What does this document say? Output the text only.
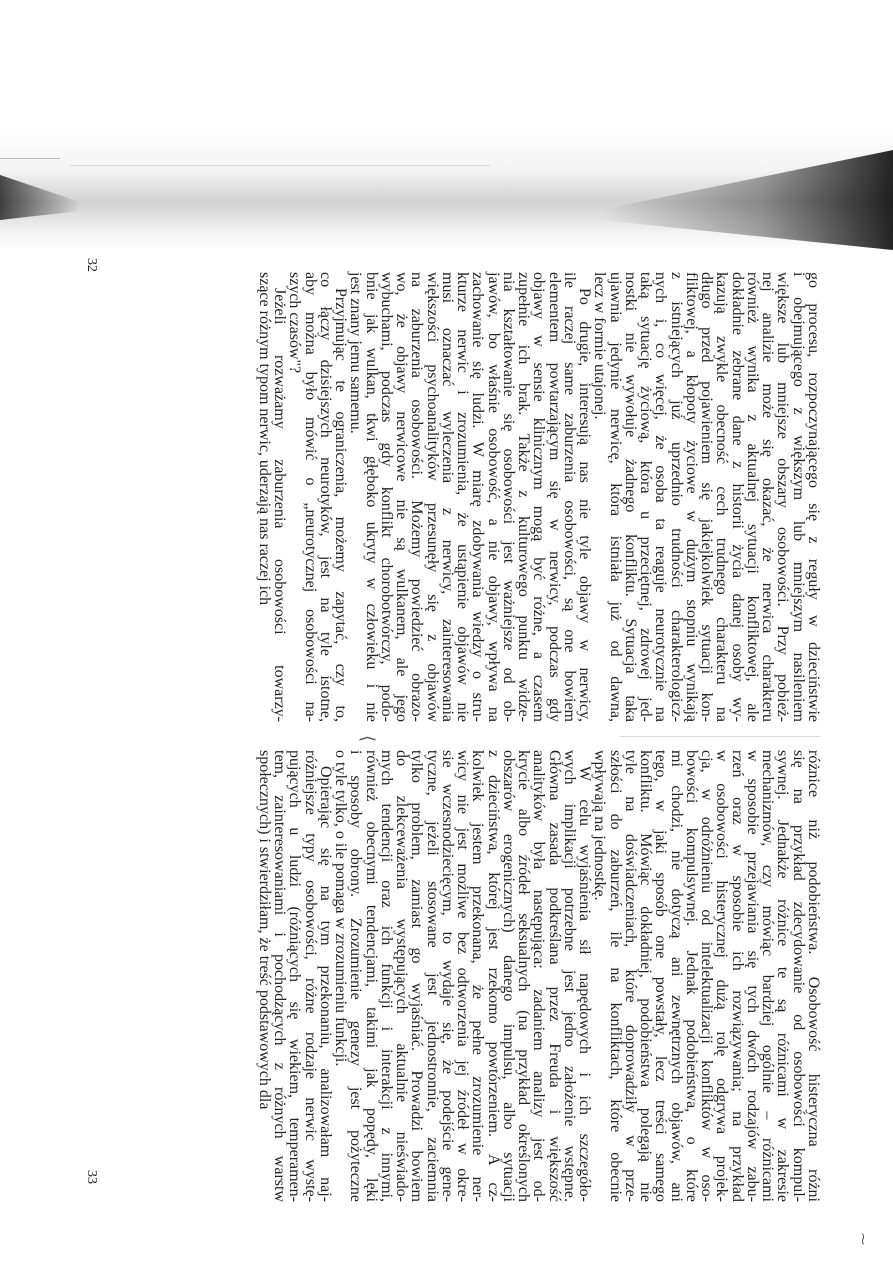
go procesu, rozpoczynającego się z reguły w dzieciństwie
i obejmującego z większym lub mniejszym nasileniem
większe lub mniejsze obszary osobowości. Przy pobież-
nej analizie może się okazać, że nerwica charakteru
również wynika z aktualnej sytuacji konfliktowej, ale
dokładnie zebrane dane z historii życia danej osoby wy-
kazują zwykle obecność cech trudnego charakteru na
długo przed pojawieniem się jakiejkolwiek sytuacji kon-
fliktowej, a kłopoty życiowe w dużym stopniu wynikają
z istniejących już uprzednio trudności charakterologicz-
nych i, co więcej, że osoba ta reaguje neurotycznie na
taką sytuację życiową, która u przeciętnej, zdrowej jed-
nostki nie wywołuje żadnego konfliktu. Sytuacja taka
ujawnia jedynie nerwicę, która istniała już od dawna,
lecz w formie utajonej.
Po drugie, interesują nas nie tyle objawy w nerwicy,
ile raczej same zaburzenia osobowości, są one bowiem
elementem powtarzającym się w nerwicy, podczas gdy
objawy w sensie klinicznym mogą być różne, a czasem
zupełnie ich brak. Także z kulturowego punktu widze-
nia kształtowanie się osobowości jest ważniejsze od ob-
jawów, bo właśnie osobowość, a nie objawy, wpływa na
zachowanie się ludzi. W miarę zdobywania wiedzy o stru-
kturze nerwic i zrozumienia, że ustąpienie objawów nie
musi oznaczać wyleczenia z nerwicy, zainteresowania
większości psychoanalityków przesunęły się z objawów
na zaburzenia osobowości. Możemy powiedzieć obrazo-
wo, że objawy nerwicowe nie są wulkanem, ale jego
wybuchami, podczas gdy konflikt chorobotwórczy, podo-
bnie jak wulkan, tkwi głęboko ukryty w człowieku i nie
jest znany jemu samemu.
Przyjmując te ograniczenia, możemy zapytać, czy to,
co łączy dzisiejszych neurotyków, jest na tyle istotne,
aby można było mówić o „neurotycznej osobowości na-
szych czasów"?
Jeżeli rozważamy zaburzenia osobowości towarzy-
szące różnym typom nerwic, uderzają nas raczej ich
32
różnice niż podobieństwa. Osobowość histeryczna różni
się na przykład zdecydowanie od osobowości kompul-
sywnej. Jednakże różnice te są różnicami w zakresie
mechanizmów, czy mówiąc bardziej ogólnie – różnicami
w sposobie przejawiania się tych dwóch rodzajów zabu-
rzeń oraz w sposobie ich rozwiązywania; na przykład
w osobowości histerycznej dużą rolę odgrywa projek-
cja, w odróżnieniu od intelektualizacji konfliktów w oso-
bowości kompulsywnej. Jednak podobieństwa, o które
mi chodzi, nie dotyczą ani zewnętrznych objawów, ani
tego, w jaki sposób one powstały, lecz treści samego
konfliktu. Mówiąc dokładniej, podobieństwa polegają nie
tyle na doświadczeniach, które doprowadziły w prze-
szłości do zaburzeń, ile na konfliktach, które obecnie
wpływają na jednostkę.
W celu wyjaśnienia sił napędowych i ich szczegóło-
wych implikacji potrzebne jest jedno założenie wstępne.
Główna zasada podkreślana przez Freuda i większość
analityków była następująca: zadaniem analizy jest od-
krycie albo źródeł seksualnych (na przykład określonych
obszarów erogenicznych) danego impulsu, albo sytuacji
z dzieciństwa, której jest rzekomo powtórzeniem. A cz-
kolwiek jestem przekonana, że pełne zrozumienie ner-
wicy nie jest możliwe bez odtworzenia jej źródeł w okre-
sie wczesnodziecięcym, to wydaje się, że podejście gene-
tyczne, jeżeli stosowane jest jednostronnie, zaciemnia
tylko problem, zamiast go wyjaśniać. Prowadzi bowiem
do zlekceważenia występujących aktualnie nieświado-
mych tendencji oraz ich funkcji i interakcji z innymi,
również obecnymi tendencjami, takimi jak popędy, lęki
i sposoby obrony. Zrozumienie genezy jest pożyteczne
o tyle tylko, o ile pomaga w zrozumieniu funkcji.
Opierając się na tym przekonaniu, analizowałam naj-
różniejsze typy osobowości, różne rodzaje nerwic wystę-
pujących u ludzi (różniących się wiekiem, temperamen-
tem, zainteresowaniami i pochodzących z różnych warstw
społecznych) i stwierdziłam, że treść podstawowych dla
33
⟨
⁓
